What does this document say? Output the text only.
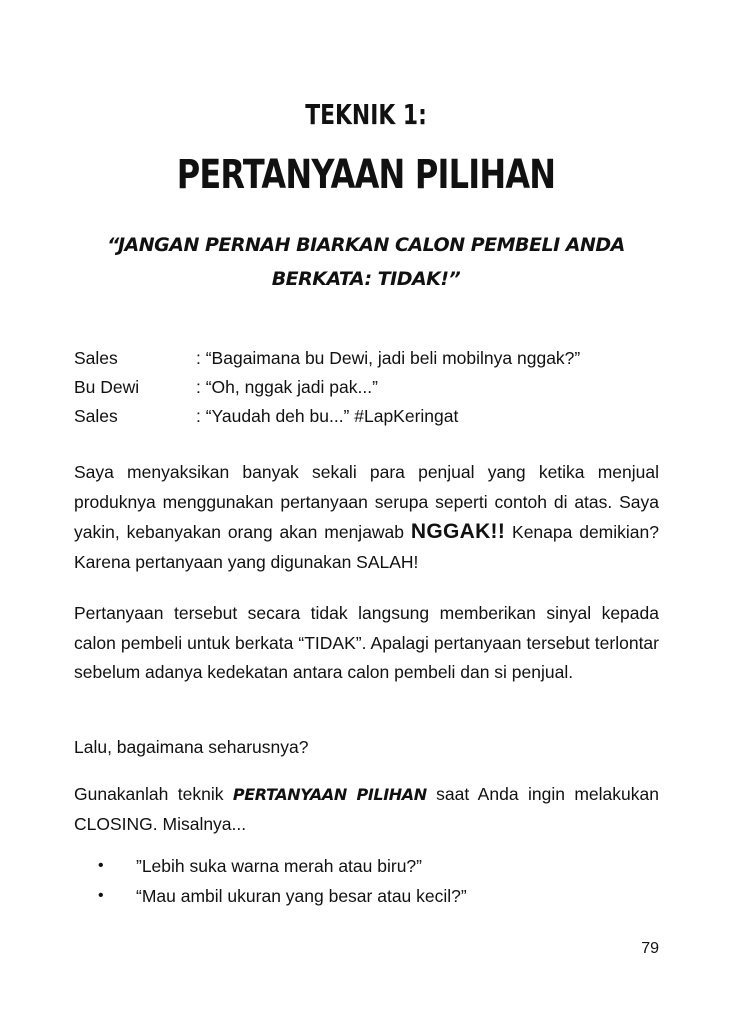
TEKNIK 1:
PERTANYAAN PILIHAN
“JANGAN PERNAH BIARKAN CALON PEMBELI ANDA
BERKATA: TIDAK!”
Sales	: “Bagaimana bu Dewi, jadi beli mobilnya nggak?”
Bu Dewi	: “Oh, nggak jadi pak...”
Sales	: “Yaudah deh bu...” #LapKeringat

Saya menyaksikan banyak sekali para penjual yang ketika menjual produknya menggunakan pertanyaan serupa seperti contoh di atas. Saya yakin, kebanyakan orang akan menjawab NGGAK!! Kenapa demikian? Karena pertanyaan yang digunakan SALAH!

Pertanyaan tersebut secara tidak langsung memberikan sinyal kepada calon pembeli untuk berkata “TIDAK”. Apalagi pertanyaan tersebut terlontar sebelum adanya kedekatan antara calon pembeli dan si penjual.

Lalu, bagaimana seharusnya?

Gunakanlah teknik PERTANYAAN PILIHAN saat Anda ingin melakukan CLOSING. Misalnya...

•	”Lebih suka warna merah atau biru?”
•	“Mau ambil ukuran yang besar atau kecil?”
79
